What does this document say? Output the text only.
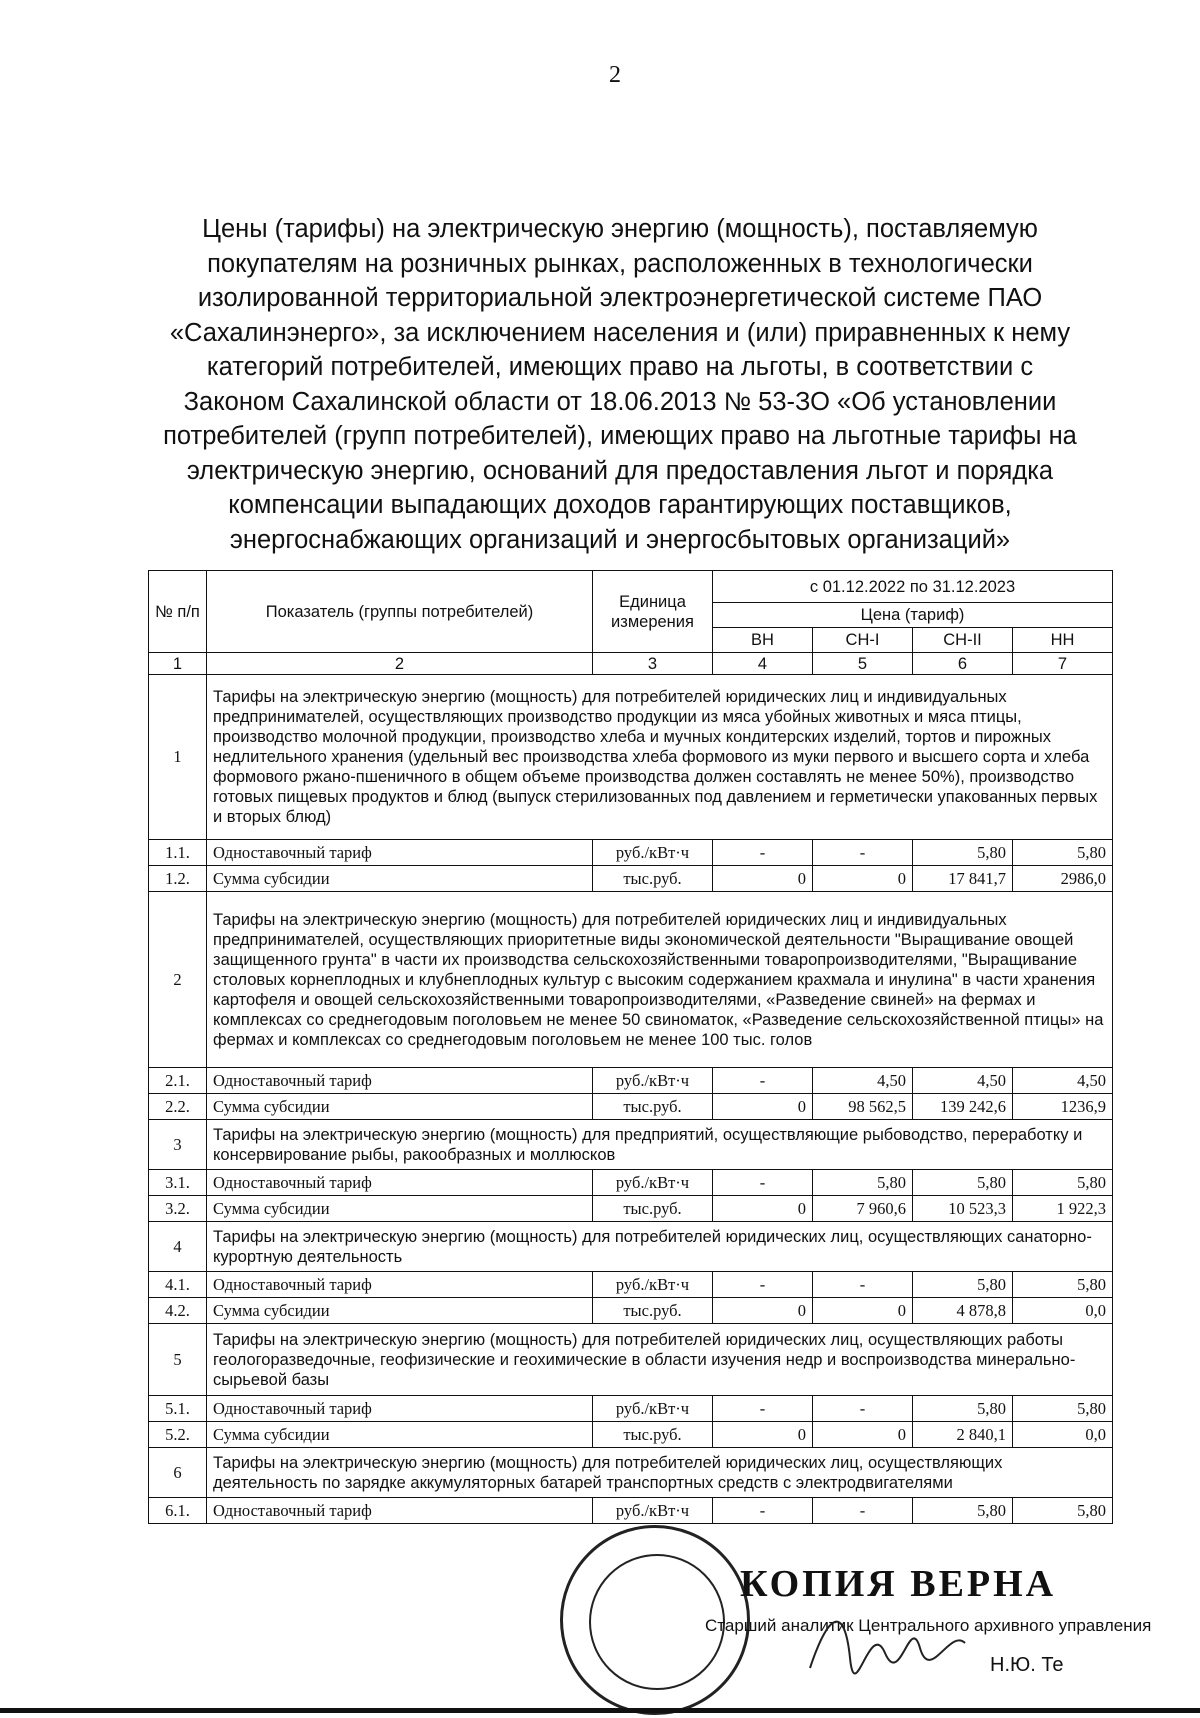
2
Цены (тарифы) на электрическую энергию (мощность), поставляемую
покупателям на розничных рынках, расположенных в технологически
изолированной территориальной электроэнергетической системе ПАО
«Сахалинэнерго», за исключением населения и (или) приравненных к нему
категорий потребителей, имеющих право на льготы, в соответствии с
Законом Сахалинской области от 18.06.2013 № 53-ЗО «Об установлении
потребителей (групп потребителей), имеющих право на льготные тарифы на
электрическую энергию, оснований для предоставления льгот и порядка
компенсации выпадающих доходов гарантирующих поставщиков,
энергоснабжающих организаций и энергосбытовых организаций»
№ п/п	Показатель (группы потребителей)	Единица измерения	с 01.12.2022 по 31.12.2023			
			Цена (тариф)			
			ВН	СН-I	СН-II	НН
1	2	3	4	5	6	7
1	Тарифы на электрическую энергию (мощность) для потребителей юридических лиц и индивидуальных предпринимателей, осуществляющих производство продукции из мяса убойных животных и мяса птицы, производство молочной продукции, производство хлеба и мучных кондитерских изделий, тортов и пирожных недлительного хранения (удельный вес производства хлеба формового из муки первого и высшего сорта и хлеба формового ржано-пшеничного в общем объеме производства должен составлять не менее 50%), производство готовых пищевых продуктов и блюд (выпуск стерилизованных под давлением и герметически упакованных первых и вторых блюд)					
1.1.	Одноставочный тариф	руб./кВт·ч	-	-	5,80	5,80
1.2.	Сумма субсидии	тыс.руб.	0	0	17 841,7	2986,0
2	Тарифы на электрическую энергию (мощность) для потребителей юридических лиц и индивидуальных предпринимателей, осуществляющих приоритетные виды экономической деятельности "Выращивание овощей защищенного грунта" в части их производства сельскохозяйственными товаропроизводителями, "Выращивание столовых корнеплодных и клубнеплодных культур с высоким содержанием крахмала и инулина" в части хранения картофеля и овощей сельскохозяйственными товаропроизводителями, «Разведение свиней» на фермах и комплексах со среднегодовым поголовьем не менее 50 свиноматок, «Разведение сельскохозяйственной птицы» на фермах и комплексах со среднегодовым поголовьем не менее 100 тыс. голов					
2.1.	Одноставочный тариф	руб./кВт·ч	-	4,50	4,50	4,50
2.2.	Сумма субсидии	тыс.руб.	0	98 562,5	139 242,6	1236,9
3	Тарифы на электрическую энергию (мощность) для предприятий, осуществляющие рыбоводство, переработку и консервирование рыбы, ракообразных и моллюсков					
3.1.	Одноставочный тариф	руб./кВт·ч	-	5,80	5,80	5,80
3.2.	Сумма субсидии	тыс.руб.	0	7 960,6	10 523,3	1 922,3
4	Тарифы на электрическую энергию (мощность) для потребителей юридических лиц, осуществляющих санаторно-курортную деятельность					
4.1.	Одноставочный тариф	руб./кВт·ч	-	-	5,80	5,80
4.2.	Сумма субсидии	тыс.руб.	0	0	4 878,8	0,0
5	Тарифы на электрическую энергию (мощность) для потребителей юридических лиц, осуществляющих работы геологоразведочные, геофизические и геохимические в области изучения недр и воспроизводства минерально-сырьевой базы					
5.1.	Одноставочный тариф	руб./кВт·ч	-	-	5,80	5,80
5.2.	Сумма субсидии	тыс.руб.	0	0	2 840,1	0,0
6	Тарифы на электрическую энергию (мощность) для потребителей юридических лиц, осуществляющих деятельность по зарядке аккумуляторных батарей транспортных средств с электродвигателями					
6.1.	Одноставочный тариф	руб./кВт·ч	-	-	5,80	5,80
КОПИЯ ВЕРНА
Старший аналитик Центрального архивного управления
Н.Ю. Те
